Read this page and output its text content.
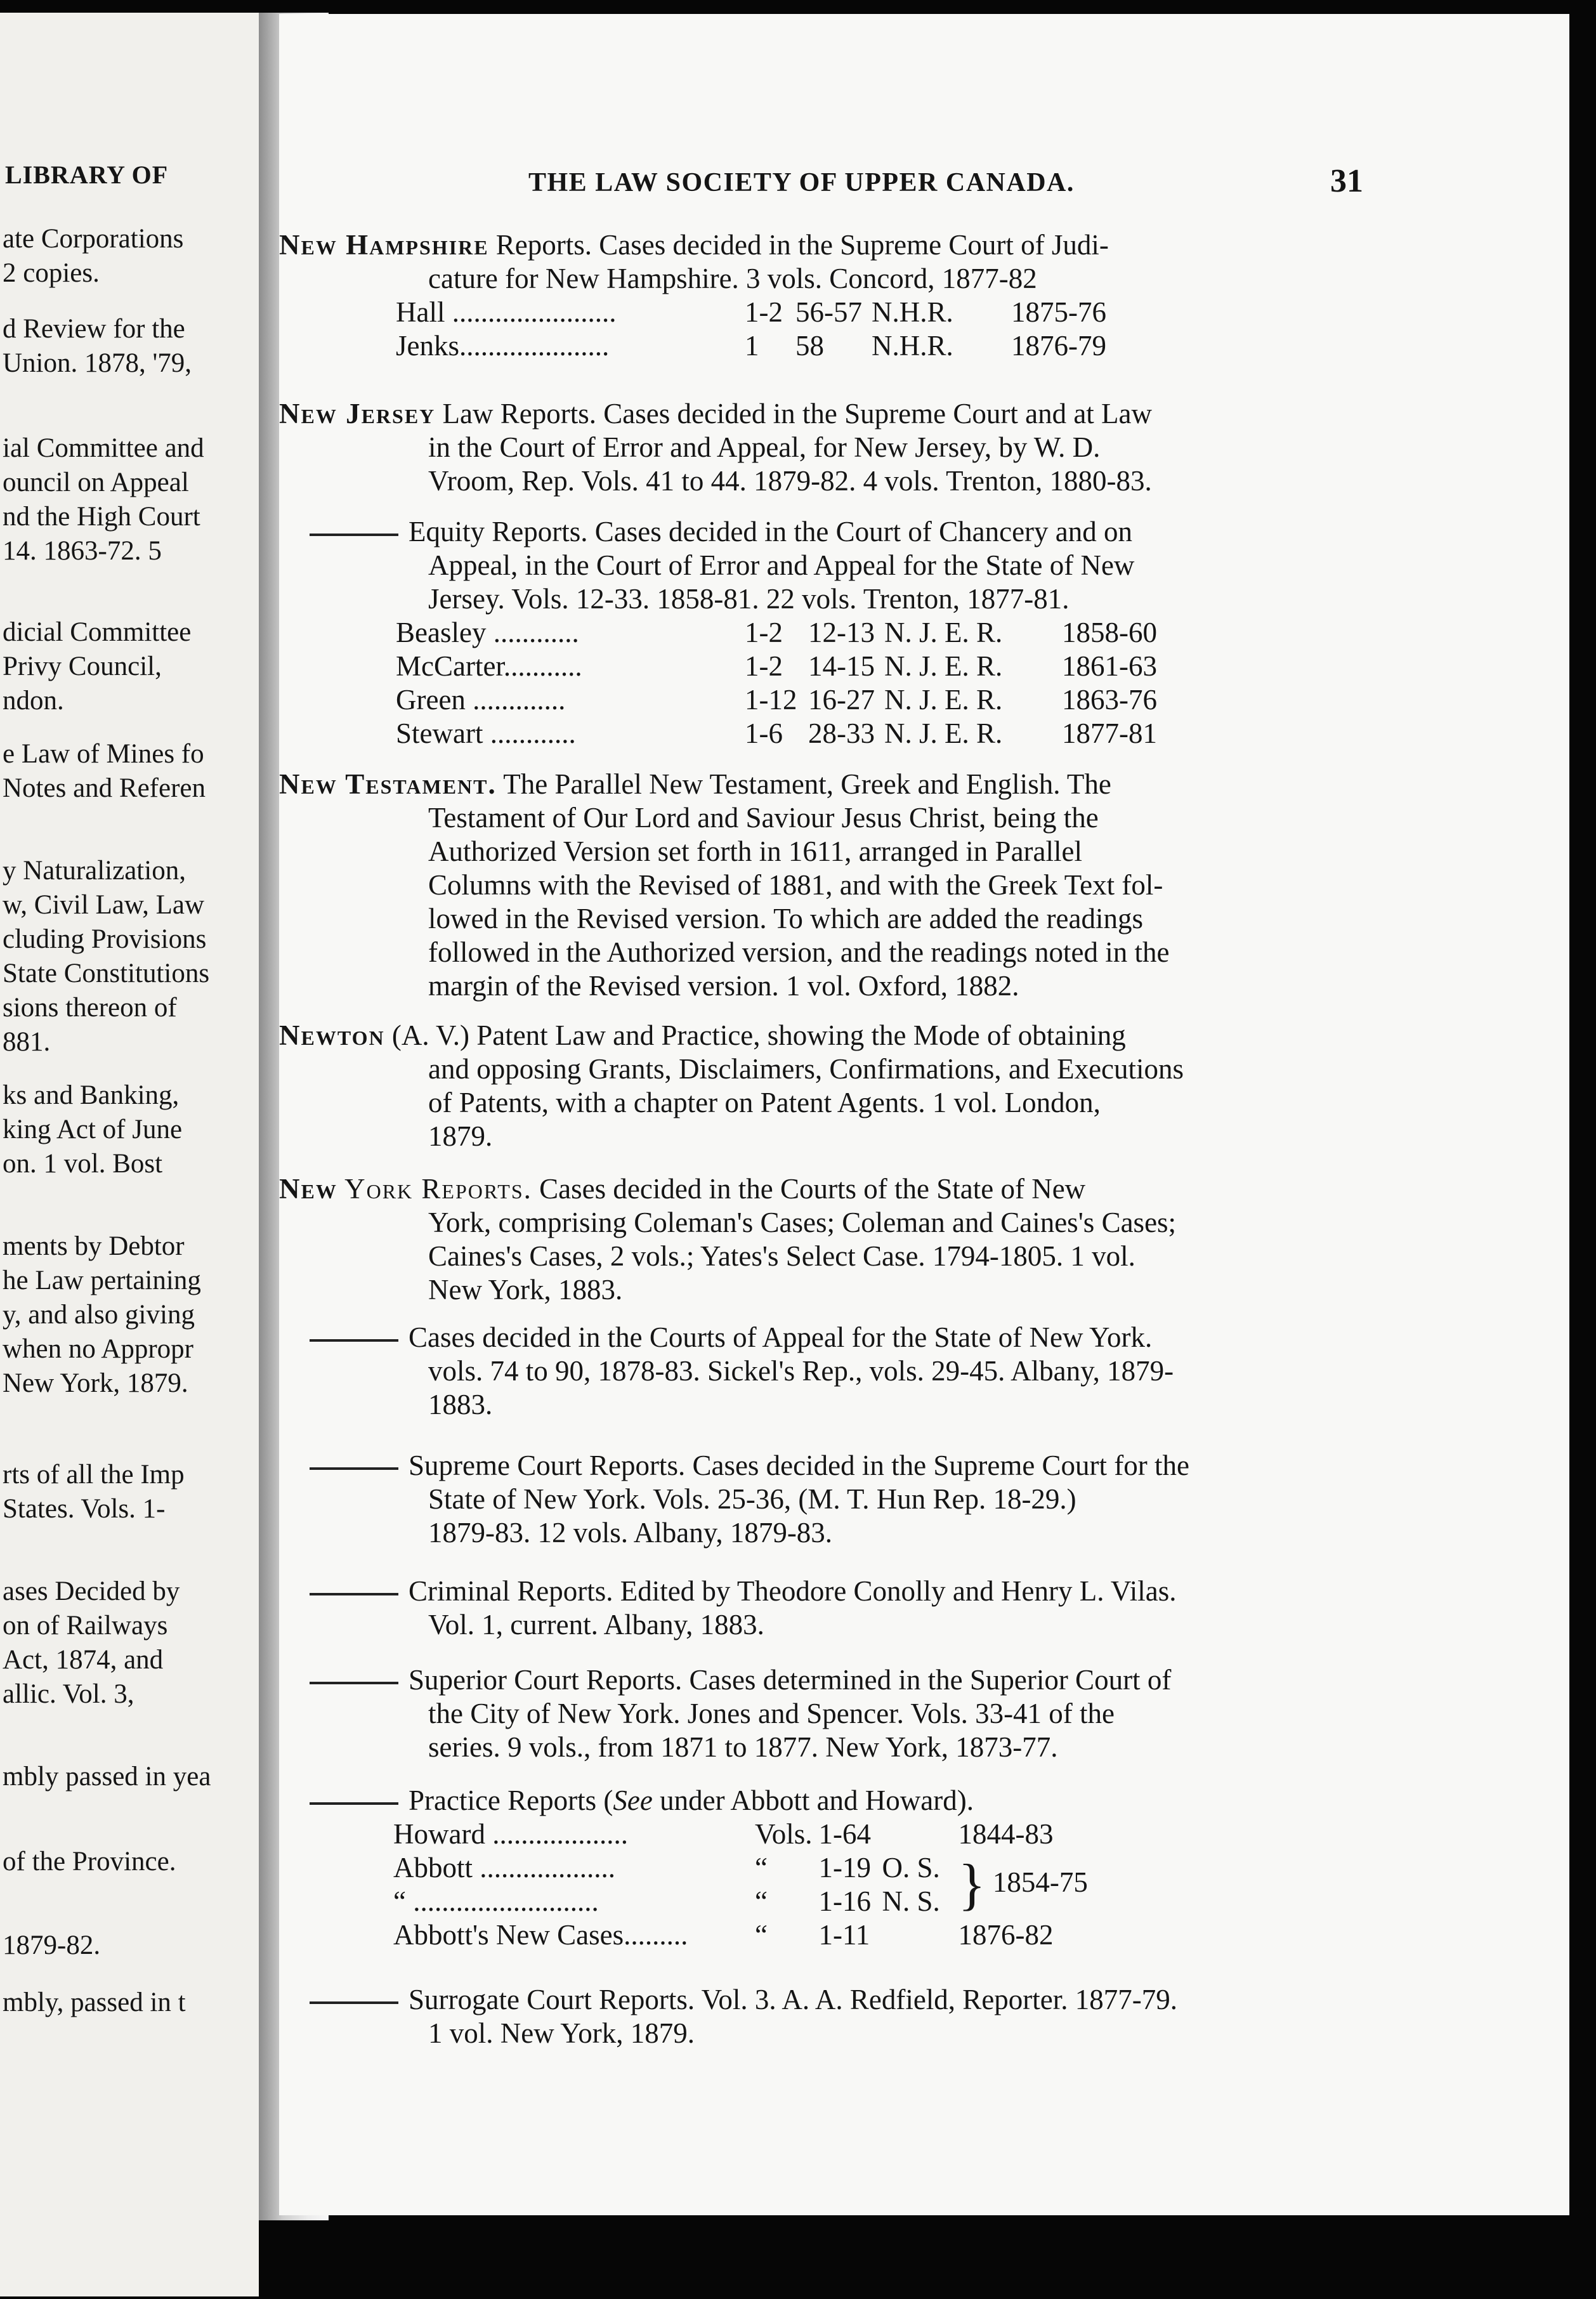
LIBRARY OF
ate Corporations
2 copies.
d Review for the
Union. 1878, '79,
ial Committee and
ouncil on Appeal
nd the High Court
14. 1863-72. 5
dicial Committee
Privy Council,
ndon.
e Law of Mines fo
Notes and Referen
y Naturalization,
w, Civil Law, Law
cluding Provisions
State Constitutions
sions thereon of
881.
ks and Banking,
king Act of June
on. 1 vol. Bost
ments by Debtor
he Law pertaining
y, and also giving
when no Appropr
New York, 1879.
rts of all the Imp
States. Vols. 1-
ases Decided by
on of Railways
Act, 1874, and
allic. Vol. 3,
mbly passed in yea
of the Province.
1879-82.
mbly, passed in t
THE LAW SOCIETY OF UPPER CANADA.	31
New Hampshire Reports. Cases decided in the Supreme Court of Judi-
cature for New Hampshire. 3 vols. Concord, 1877-82
Hall .......................	1-2	56-57	N.H.R.	1875-76
Jenks.....................	1	58	N.H.R.	1876-79
New Jersey Law Reports. Cases decided in the Supreme Court and at Law
in the Court of Error and Appeal, for New Jersey, by W. D.
Vroom, Rep. Vols. 41 to 44. 1879-82. 4 vols. Trenton, 1880-83.
Equity Reports. Cases decided in the Court of Chancery and on
Appeal, in the Court of Error and Appeal for the State of New
Jersey. Vols. 12-33. 1858-81. 22 vols. Trenton, 1877-81.
Beasley ............	1-2	12-13	N. J. E. R.	1858-60
McCarter...........	1-2	14-15	N. J. E. R.	1861-63
Green .............	1-12	16-27	N. J. E. R.	1863-76
Stewart ............	1-6	28-33	N. J. E. R.	1877-81
New Testament. The Parallel New Testament, Greek and English. The
Testament of Our Lord and Saviour Jesus Christ, being the
Authorized Version set forth in 1611, arranged in Parallel
Columns with the Revised of 1881, and with the Greek Text fol-
lowed in the Revised version. To which are added the readings
followed in the Authorized version, and the readings noted in the
margin of the Revised version. 1 vol. Oxford, 1882.
Newton (A. V.) Patent Law and Practice, showing the Mode of obtaining
and opposing Grants, Disclaimers, Confirmations, and Executions
of Patents, with a chapter on Patent Agents. 1 vol. London,
1879.
New York Reports. Cases decided in the Courts of the State of New
York, comprising Coleman's Cases; Coleman and Caines's Cases;
Caines's Cases, 2 vols.; Yates's Select Case. 1794-1805. 1 vol.
New York, 1883.
Cases decided in the Courts of Appeal for the State of New York.
vols. 74 to 90, 1878-83. Sickel's Rep., vols. 29-45. Albany, 1879-
1883.
Supreme Court Reports. Cases decided in the Supreme Court for the
State of New York. Vols. 25-36, (M. T. Hun Rep. 18-29.)
1879-83. 12 vols. Albany, 1879-83.
Criminal Reports. Edited by Theodore Conolly and Henry L. Vilas.
Vol. 1, current. Albany, 1883.
Superior Court Reports. Cases determined in the Superior Court of
the City of New York. Jones and Spencer. Vols. 33-41 of the
series. 9 vols., from 1871 to 1877. New York, 1873-77.
Practice Reports (See under Abbott and Howard).
Howard ...................	Vols.	1-64		1844-83
Abbott ...................	“	1-19	O. S.	} 1854-75
“ ..........................	“	1-16	N. S.	
Abbott's New Cases.........	“	1-11		1876-82
Surrogate Court Reports. Vol. 3. A. A. Redfield, Reporter. 1877-79.
1 vol. New York, 1879.
